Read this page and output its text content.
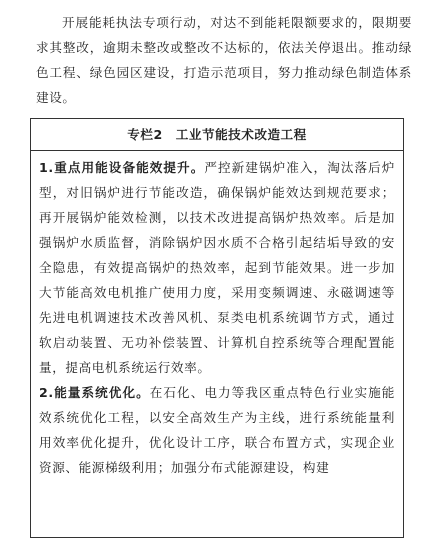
开展能耗执法专项行动，对达不到能耗限额要求的，限期要求其整改，逾期未整改或整改不达标的，依法关停退出。推动绿色工程、绿色园区建设，打造示范项目，努力推动绿色制造体系建设。

专栏2　工业节能技术改造工程

1.重点用能设备能效提升。严控新建锅炉准入，淘汰落后炉型，对旧锅炉进行节能改造，确保锅炉能效达到规范要求；再开展锅炉能效检测，以技术改进提高锅炉热效率。后是加强锅炉水质监督，消除锅炉因水质不合格引起结垢导致的安全隐患，有效提高锅炉的热效率，起到节能效果。进一步加大节能高效电机推广使用力度，采用变频调速、永磁调速等先进电机调速技术改善风机、泵类电机系统调节方式，通过软启动装置、无功补偿装置、计算机自控系统等合理配置能量，提高电机系统运行效率。

2.能量系统优化。在石化、电力等我区重点特色行业实施能效系统优化工程，以安全高效生产为主线，进行系统能量利用效率优化提升，优化设计工序，联合布置方式，实现企业资源、能源梯级利用；加强分布式能源建设，构建
